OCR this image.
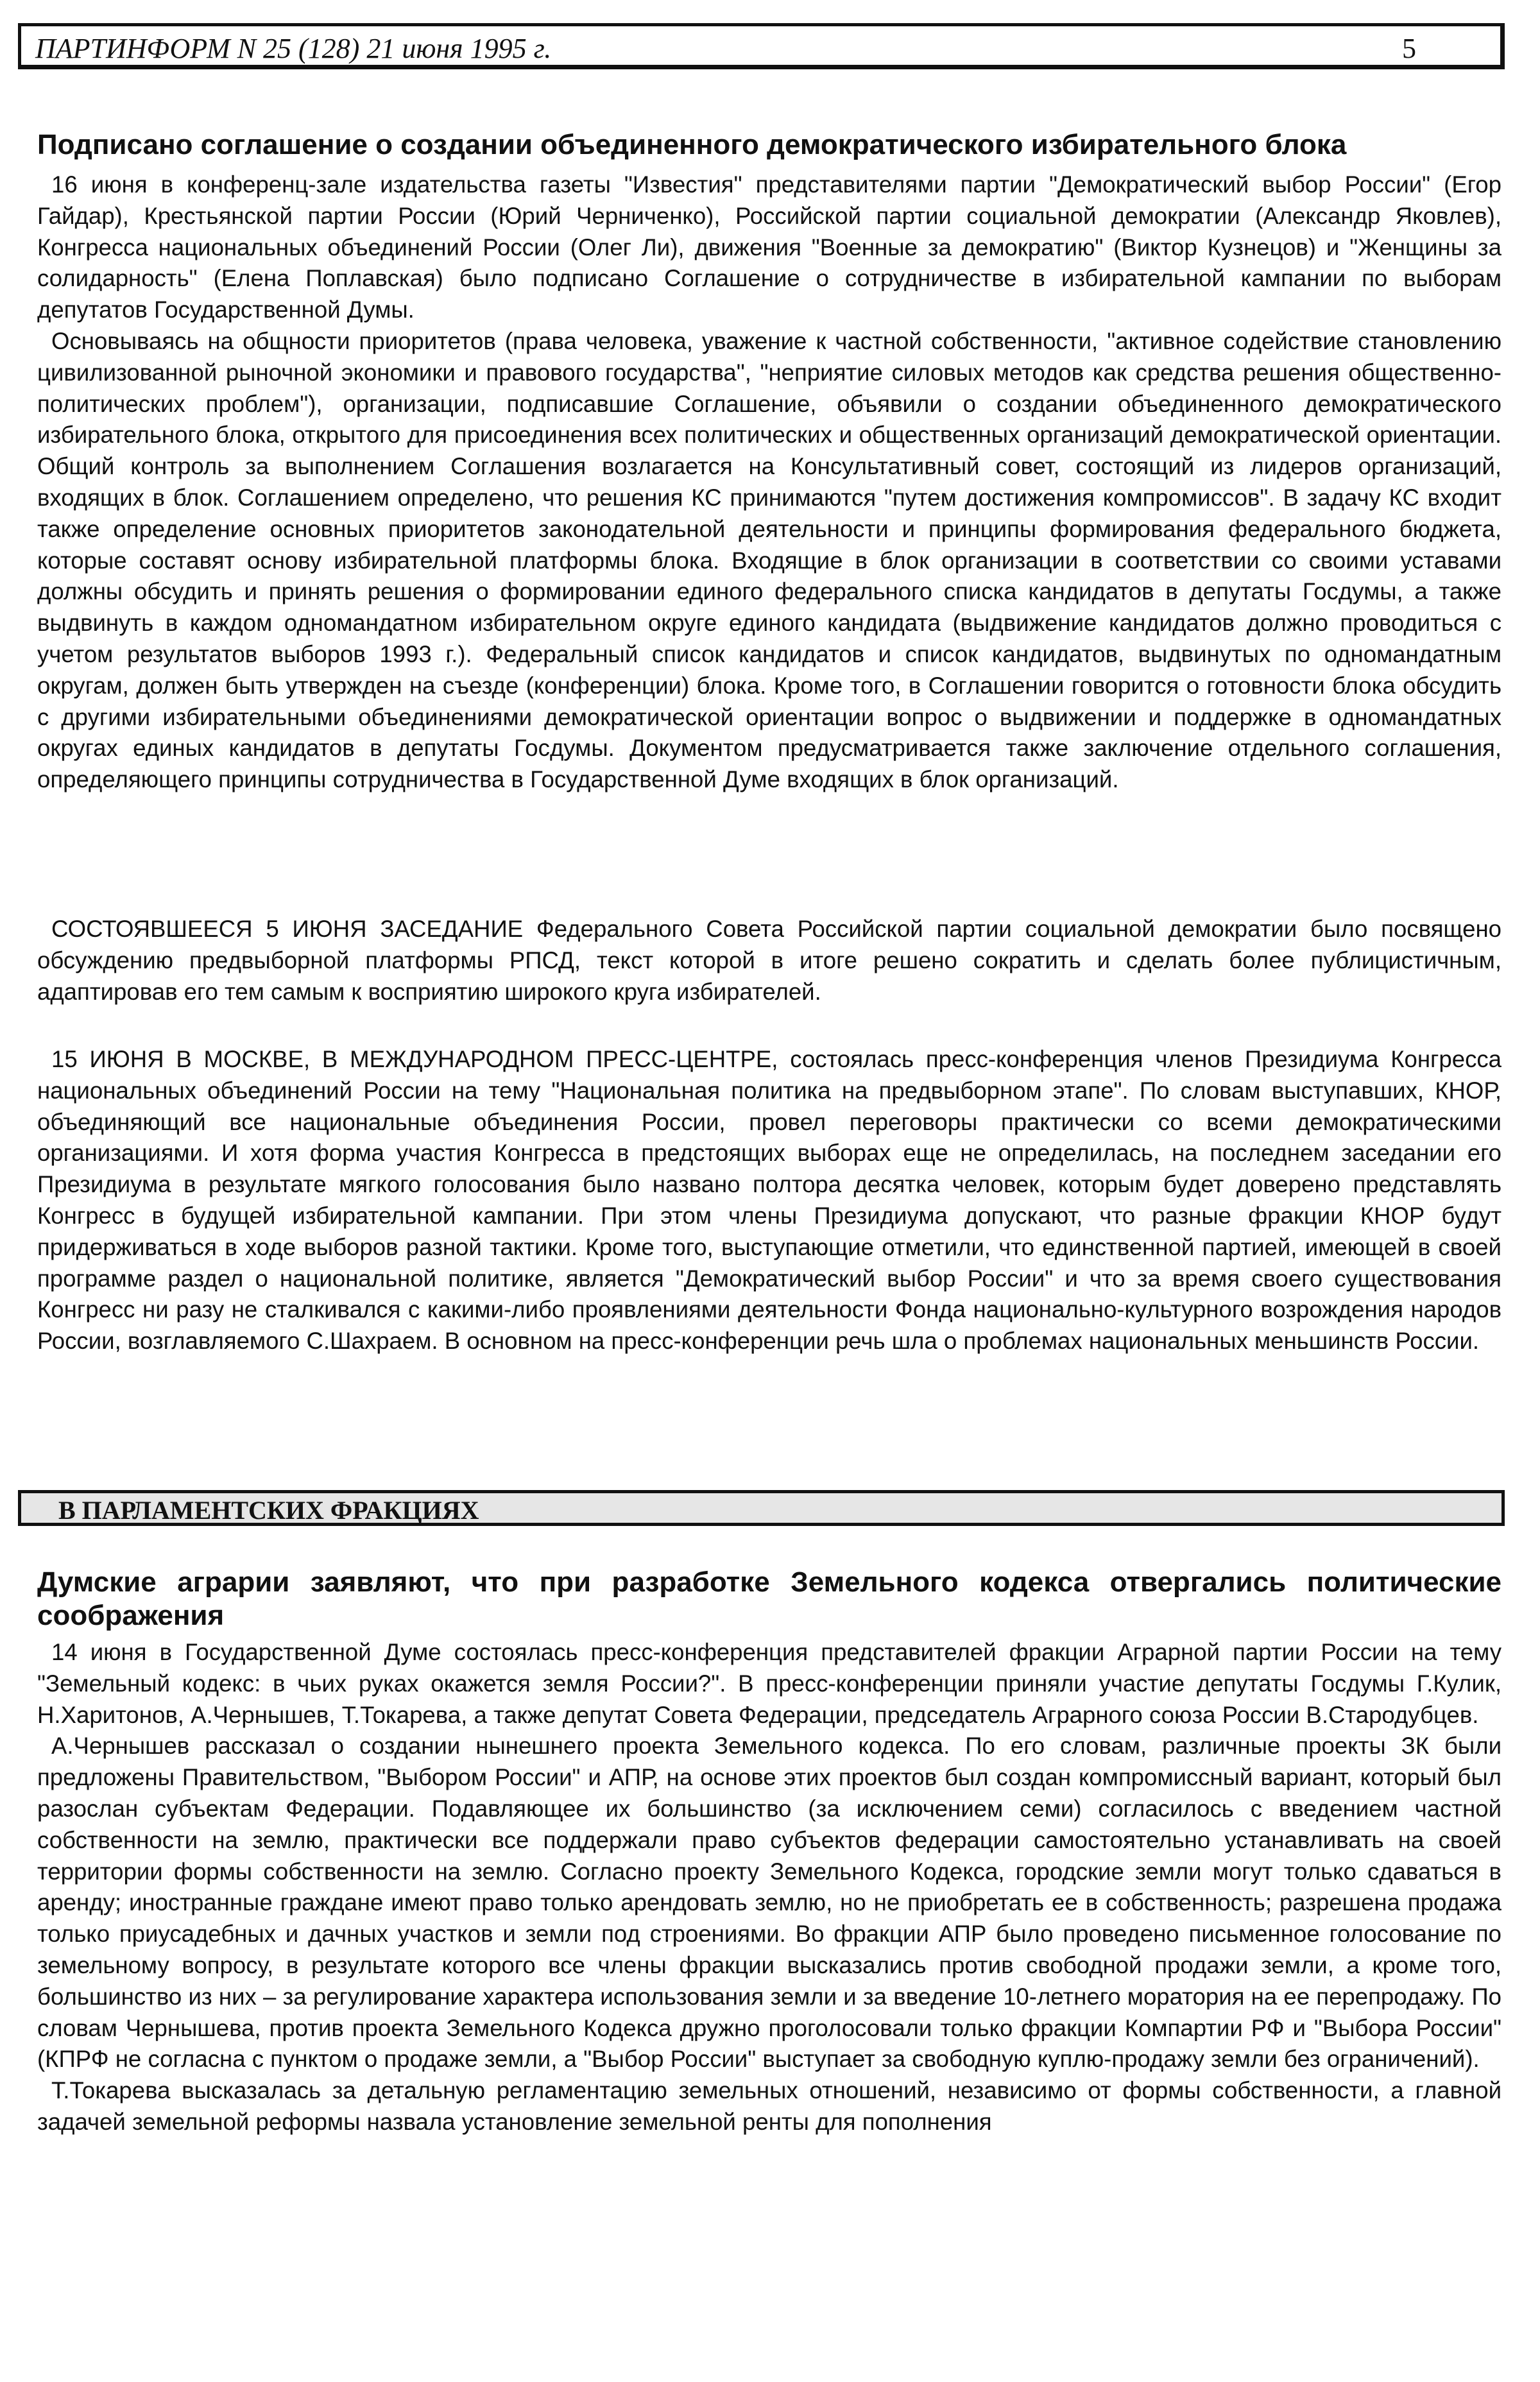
ПАРТИНФОРМ N 25 (128) 21 июня 1995 г.	5
Подписано соглашение о создании объединенного демократического избирательного блока

16 июня в конференц-зале издательства газеты "Известия" представителями партии "Демократический выбор России" (Егор Гайдар), Крестьянской партии России (Юрий Черниченко), Российской партии социальной демократии (Александр Яковлев), Конгресса национальных объединений России (Олег Ли), движения "Военные за демократию" (Виктор Кузнецов) и "Женщины за солидарность" (Елена Поплавская) было подписано Соглашение о сотрудничестве в избирательной кампании по выборам депутатов Государственной Думы.

Основываясь на общности приоритетов (права человека, уважение к частной собственности, "активное содействие становлению цивилизованной рыночной экономики и правового государства", "неприятие силовых методов как средства решения общественно-политических проблем"), организации, подписавшие Соглашение, объявили о создании объединенного демократического избирательного блока, открытого для присоединения всех политических и общественных организаций демократической ориентации. Общий контроль за выполнением Соглашения возлагается на Консультативный совет, состоящий из лидеров организаций, входящих в блок. Соглашением определено, что решения КС принимаются "путем достижения компромиссов". В задачу КС входит также определение основных приоритетов законодательной деятельности и принципы формирования федерального бюджета, которые составят основу избирательной платформы блока. Входящие в блок организации в соответствии со своими уставами должны обсудить и принять решения о формировании единого федерального списка кандидатов в депутаты Госдумы, а также выдвинуть в каждом одномандатном избирательном округе единого кандидата (выдвижение кандидатов должно проводиться с учетом результатов выборов 1993 г.). Федеральный список кандидатов и список кандидатов, выдвинутых по одномандатным округам, должен быть утвержден на съезде (конференции) блока. Кроме того, в Соглашении говорится о готовности блока обсудить с другими избирательными объединениями демократической ориентации вопрос о выдвижении и поддержке в одномандатных округах единых кандидатов в депутаты Госдумы. Документом предусматривается также заключение отдельного соглашения, определяющего принципы сотрудничества в Государственной Думе входящих в блок организаций.

СОСТОЯВШЕЕСЯ 5 ИЮНЯ ЗАСЕДАНИЕ Федерального Совета Российской партии социальной демократии было посвящено обсуждению предвыборной платформы РПСД, текст которой в итоге решено сократить и сделать более публицистичным, адаптировав его тем самым к восприятию широкого круга избирателей.

15 ИЮНЯ В МОСКВЕ, В МЕЖДУНАРОДНОМ ПРЕСС-ЦЕНТРЕ, состоялась пресс-конференция членов Президиума Конгресса национальных объединений России на тему "Национальная политика на предвыборном этапе". По словам выступавших, КНОР, объединяющий все национальные объединения России, провел переговоры практически со всеми демократическими организациями. И хотя форма участия Конгресса в предстоящих выборах еще не определилась, на последнем заседании его Президиума в результате мягкого голосования было названо полтора десятка человек, которым будет доверено представлять Конгресс в будущей избирательной кампании. При этом члены Президиума допускают, что разные фракции КНОР будут придерживаться в ходе выборов разной тактики. Кроме того, выступающие отметили, что единственной партией, имеющей в своей программе раздел о национальной политике, является "Демократический выбор России" и что за время своего существования Конгресс ни разу не сталкивался с какими-либо проявлениями деятельности Фонда национально-культурного возрождения народов России, возглавляемого С.Шахраем. В основном на пресс-конференции речь шла о проблемах национальных меньшинств России.

В ПАРЛАМЕНТСКИХ ФРАКЦИЯХ
Думские аграрии заявляют, что при разработке Земельного кодекса отвергались политические соображения

14 июня в Государственной Думе состоялась пресс-конференция представителей фракции Аграрной партии России на тему "Земельный кодекс: в чьих руках окажется земля России?". В пресс-конференции приняли участие депутаты Госдумы Г.Кулик, Н.Харитонов, А.Чернышев, Т.Токарева, а также депутат Совета Федерации, председатель Аграрного союза России В.Стародубцев.

А.Чернышев рассказал о создании нынешнего проекта Земельного кодекса. По его словам, различные проекты ЗК были предложены Правительством, "Выбором России" и АПР, на основе этих проектов был создан компромиссный вариант, который был разослан субъектам Федерации. Подавляющее их большинство (за исключением семи) согласилось с введением частной собственности на землю, практически все поддержали право субъектов федерации самостоятельно устанавливать на своей территории формы собственности на землю. Согласно проекту Земельного Кодекса, городские земли могут только сдаваться в аренду; иностранные граждане имеют право только арендовать землю, но не приобретать ее в собственность; разрешена продажа только приусадебных и дачных участков и земли под строениями. Во фракции АПР было проведено письменное голосование по земельному вопросу, в результате которого все члены фракции высказались против свободной продажи земли, а кроме того, большинство из них – за регулирование характера использования земли и за введение 10-летнего моратория на ее перепродажу. По словам Чернышева, против проекта Земельного Кодекса дружно проголосовали только фракции Компартии РФ и "Выбора России" (КПРФ не согласна с пунктом о продаже земли, а "Выбор России" выступает за свободную куплю-продажу земли без ограничений).

Т.Токарева высказалась за детальную регламентацию земельных отношений, независимо от формы собственности, а главной задачей земельной реформы назвала установление земельной ренты для пополнения
